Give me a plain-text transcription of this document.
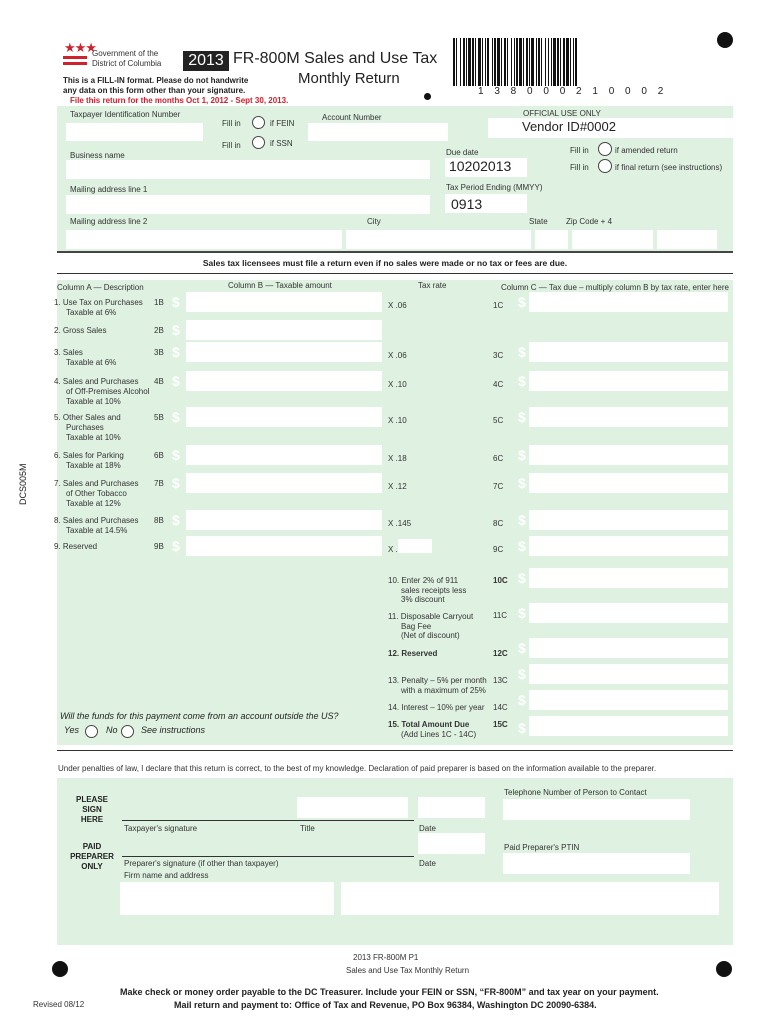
★★★
Government of the
District of Columbia	2013 FR-800M Sales and Use Tax
Monthly Return
This is a FILL-IN format. Please do not handwrite
any data on this form other than your signature.
File this return for the months Oct 1, 2012 - Sept 30, 2013.
1 3 8 0 0 0 2 1 0 0 0 2
DCS005M
Taxpayer Identification Number
Fill in	if FEIN
Fill in	if SSN
Account Number	OFFICIAL USE ONLY
Vendor ID#0002
Business name	Due date
10202013
Fill in	if amended return
Fill in	if final return (see instructions)
Mailing address line 1	Tax Period Ending (MMYY)
0913
Mailing address line 2	City	State Zip Code + 4
Sales tax licensees must file a return even if no sales were made or no tax or fees are due.
Column A — Description	Column B — Taxable amount	Tax rate	Column C — Tax due – multiply column B by tax rate, enter here
1. Use Tax on Purchases
Taxable at 6%
1B $	X .06	1C $
2. Gross Sales	2B $
3. Sales
Taxable at 6%
3B $	X .06	3C $
4. Sales and Purchases
of Off-Premises Alcohol
Taxable at 10%
4B $	X .10	4C $
5. Other Sales and
Purchases
Taxable at 10%
5B $	X .10	5C $
6. Sales for Parking
Taxable at 18%
6B $	X .18	6C $
7. Sales and Purchases
of Other Tobacco
Taxable at 12%
7B $	X .12	7C $
8. Sales and Purchases
Taxable at 14.5%
8B $	X .145	8C $
9. Reserved	9B $	X .	9C $
10. Enter 2% of 911
sales receipts less
3% discount
10C $
11. Disposable Carryout
Bag Fee
(Net of discount)
11C $
12. Reserved	12C $
13. Penalty – 5% per month
with a maximum of 25%
13C $
14. Interest – 10% per year 14C $
15. Total Amount Due
(Add Lines 1C - 14C)
15C $
Will the funds for this payment come from an account outside the US?
Yes	No	See instructions
Under penalties of law, I declare that this return is correct, to the best of my knowledge. Declaration of paid preparer is based on the information available to the preparer.
PLEASE
SIGN
HERE
Taxpayer's signature	Title	Date
Telephone Number of Person to Contact
PAID
PREPARER
ONLY	Preparer's signature (if other than taxpayer)	Date
Paid Preparer's PTIN
Firm name and address
2013 FR-800M P1
Sales and Use Tax Monthly Return
Revised 08/12
Make check or money order payable to the DC Treasurer. Include your FEIN or SSN, “FR-800M” and tax year on your payment.
Mail return and payment to: Office of Tax and Revenue, PO Box 96384, Washington DC 20090-6384.
